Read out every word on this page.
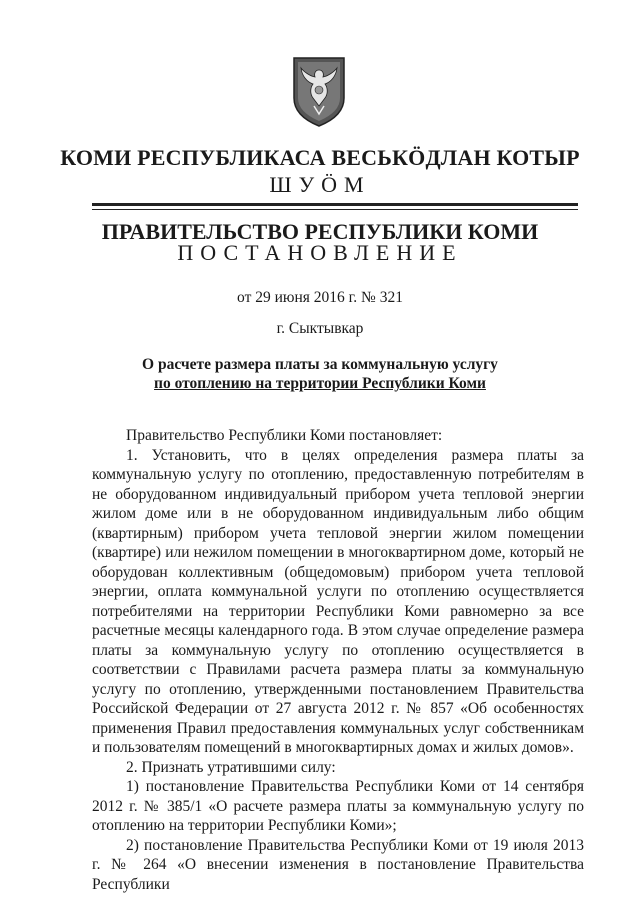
КОМИ РЕСПУБЛИКАСА ВЕСЬКÖДЛАН КОТЫР
ШУÖМ
ПРАВИТЕЛЬСТВО РЕСПУБЛИКИ КОМИ
ПОСТАНОВЛЕНИЕ
от 29 июня 2016 г. № 321
г. Сыктывкар
О расчете размера платы за коммунальную услугу
по отоплению на территории Республики Коми

Правительство Республики Коми постановляет:

1. Установить, что в целях определения размера платы за коммунальную услугу по отоплению, предоставленную потребителям в не оборудованном индивидуальный прибором учета тепловой энергии жилом доме или в не оборудованном индивидуальным либо общим (квартирным) прибором учета тепловой энергии жилом помещении (квартире) или нежилом помещении в многоквартирном доме, который не оборудован коллективным (общедомовым) прибором учета тепловой энергии, оплата коммунальной услуги по отоплению осуществляется потребителями на территории Республики Коми равномерно за все расчетные месяцы календарного года. В этом случае определение размера платы за коммунальную услугу по отоплению осуществляется в соответствии с Правилами расчета размера платы за коммунальную услугу по отоплению, утвержденными постановлением Правительства Российской Федерации от 27 августа 2012 г. № 857 «Об особенностях применения Правил предоставления коммунальных услуг собственникам и пользователям помещений в многоквартирных домах и жилых домов».

2. Признать утратившими силу:

1) постановление Правительства Республики Коми от 14 сентября 2012 г. № 385/1 «О расчете размера платы за коммунальную услугу по отоплению на территории Республики Коми»;

2) постановление Правительства Республики Коми от 19 июля 2013 г. № 264 «О внесении изменения в постановление Правительства Республики
